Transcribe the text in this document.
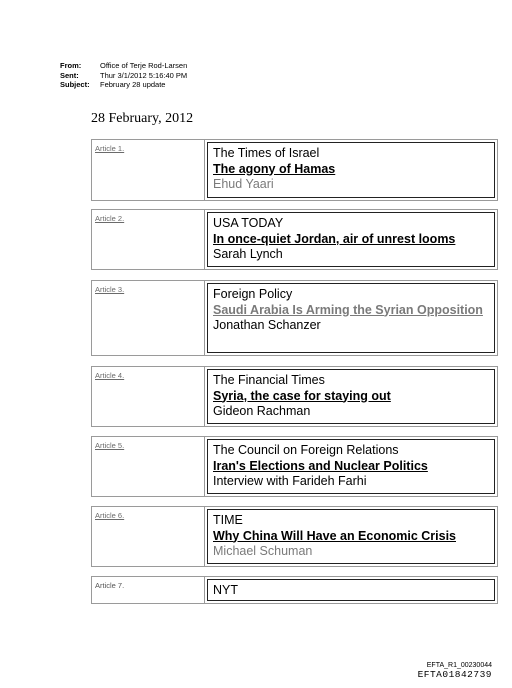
From:	Office of Terje Rod-Larsen
Sent:	Thur 3/1/2012 5:16:40 PM
Subject:	February 28 update
28 February, 2012
Article 1.	The Times of Israel
The agony of Hamas
Ehud Yaari
Article 2.	USA TODAY
In once-quiet Jordan, air of unrest looms
Sarah Lynch
Article 3.	Foreign Policy
Saudi Arabia Is Arming the Syrian Opposition
Jonathan Schanzer
Article 4.	The Financial Times
Syria, the case for staying out
Gideon Rachman
Article 5.	The Council on Foreign Relations
Iran's Elections and Nuclear Politics
Interview with Farideh Farhi
Article 6.	TIME
Why China Will Have an Economic Crisis
Michael Schuman
Article 7.	NYT
EFTA_R1_00230044
EFTA01842739
